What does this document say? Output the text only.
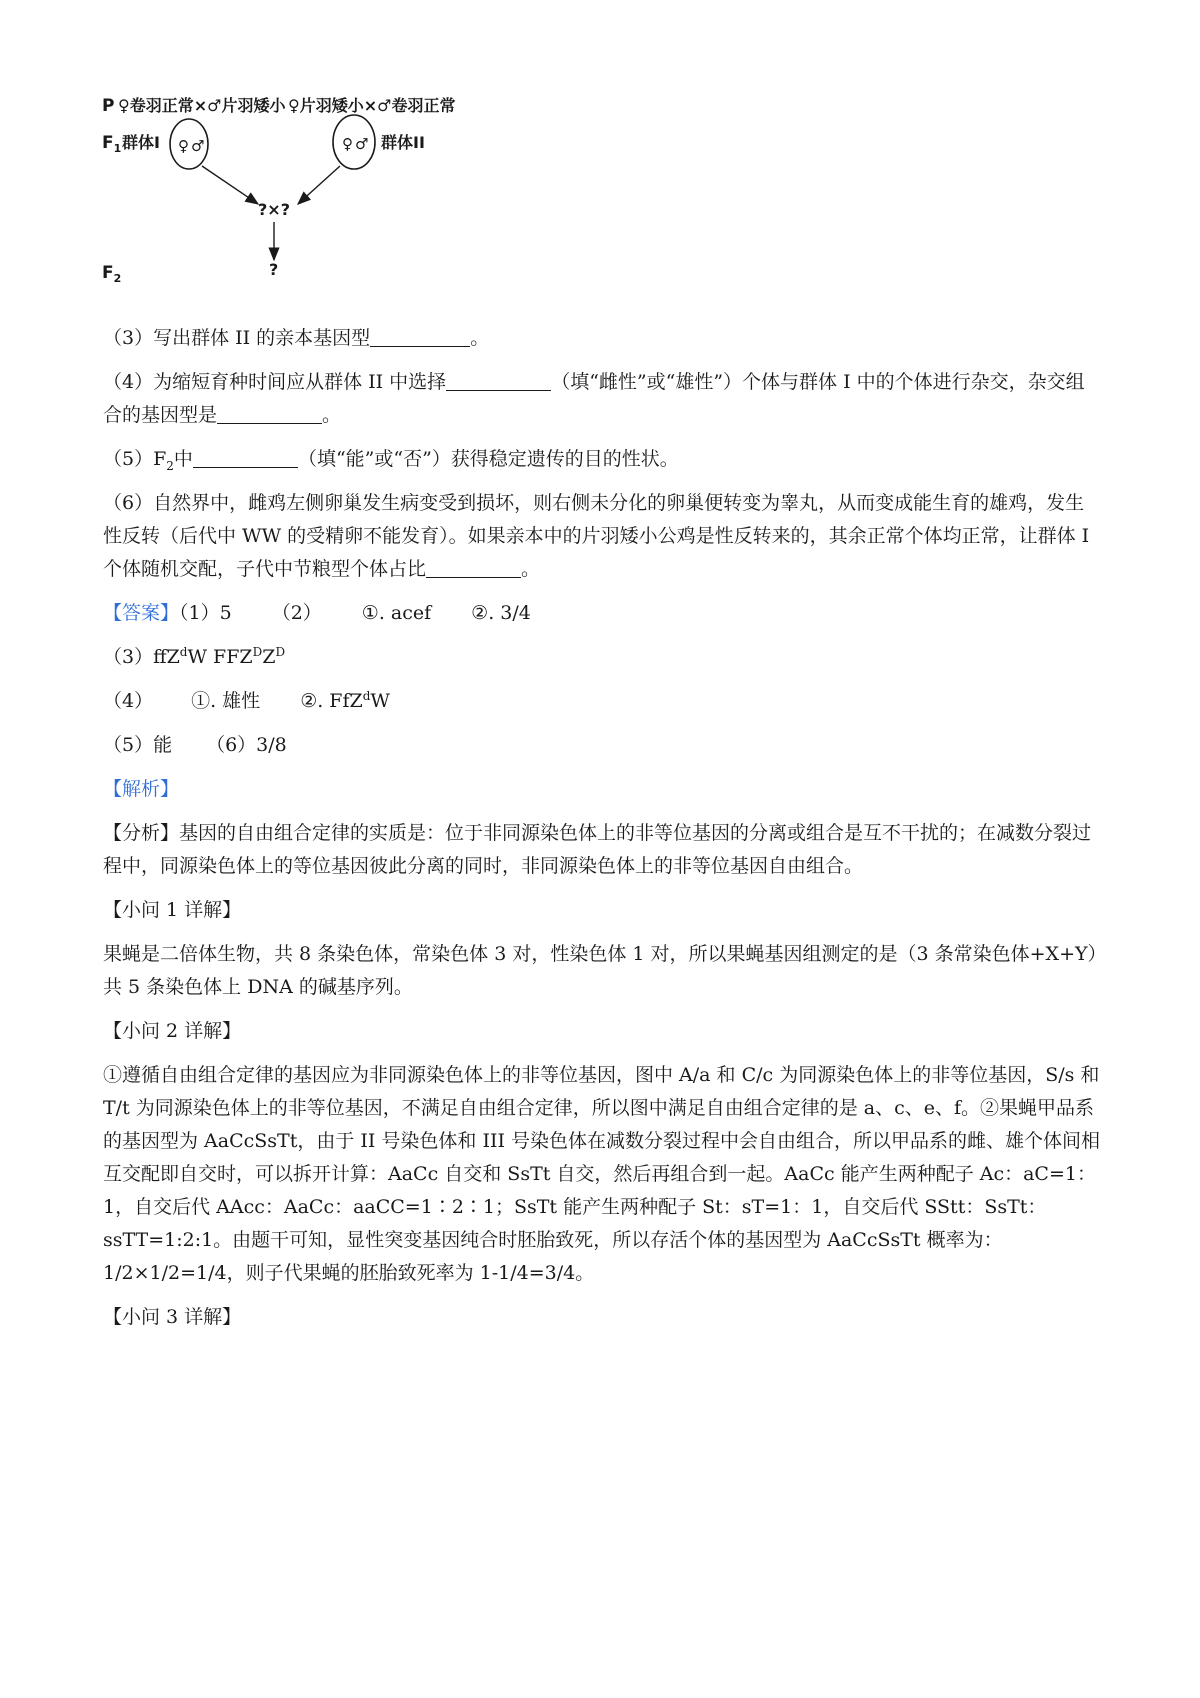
P ♀卷羽正常×♂片羽矮小 ♀片羽矮小×♂卷羽正常
$F_1$ 群体I ♀ ♂	♀ ♂ 群体II
?×?
$F_2$	?

（3）写出群体 II 的亲本基因型	。

（4）为缩短育种时间应从群体 II 中选择	（填“雌性”或“雄性”）个体与群体 I 中的个体进行杂交，杂交组合的基因型是	。

$(5)F_2$中	（填“能”或“否”）获得稳定遗传的目的性状。

（6）自然界中，雌鸡左侧卵巢发生病变受到损坏，则右侧未分化的卵巢便转变为睾丸，从而变成能生育的雄鸡，发生性反转（后代中 WW 的受精卵不能发育）。如果亲本中的片羽矮小公鸡是性反转来的，其余正常个体均正常，让群体 I 个体随机交配，子代中节粮型个体占比	。

【答案】（1）5 （2） ①. acef ②. 3/4

（3）ffZ$^d$W $FFZ^DZ^D$

（4） ①. 雄性 ②. FfZ$^d$W

（5）能 （6）3/8

【解析】

【分析】基因的自由组合定律的实质是：位于非同源染色体上的非等位基因的分离或组合是互不干扰的；在减数分裂过程中，同源染色体上的等位基因彼此分离的同时，非同源染色体上的非等位基因自由组合。

【小问 1 详解】

果蝇是二倍体生物，共 8 条染色体，常染色体 3 对，性染色体 1 对，所以果蝇基因组测定的是（3 条常染色体+X+Y）共 5 条染色体上 DNA 的碱基序列。

【小问 2 详解】

①遵循自由组合定律的基因应为非同源染色体上的非等位基因，图中 A/a 和 C/c 为同源染色体上的非等位基因，S/s 和 T/t 为同源染色体上的非等位基因，不满足自由组合定律，所以图中满足自由组合定律的是 a、c、e、f。②果蝇甲品系的基因型为 AaCcSsTt，由于 II 号染色体和 III 号染色体在减数分裂过程中会自由组合，所以甲品系的雌、雄个体间相互交配即自交时，可以拆开计算：AaCc 自交和 SsTt 自交，然后再组合到一起。AaCc 能产生两种配子 Ac：aC=1：1，自交后代 AAcc：AaCc：aaCC=1∶2∶1；SsTt 能产生两种配子 St：sT=1：1，自交后代 SStt：SsTt：ssTT=1:2:1。由题干可知，显性突变基因纯合时胚胎致死，所以存活个体的基因型为 AaCcSsTt 概率为：1/2×1/2=1/4，则子代果蝇的胚胎致死率为 1-1/4=3/4。

【小问 3 详解】
